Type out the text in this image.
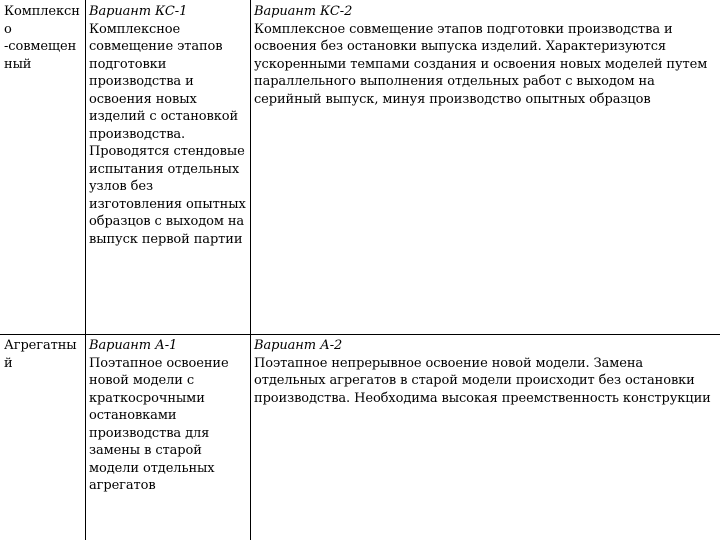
Комплексно -совмещенный
Вариант КС-1
Комплексное совмещение этапов подготовки производства и освоения новых изделий с остановкой производства. Проводятся стендовые испытания отдельных узлов без изготовления опытных образцов с выходом на выпуск первой партии
Вариант КС-2
Комплексное совмещение этапов подготовки производства и освоения без остановки выпуска изделий. Характеризуются ускоренными темпами создания и освоения новых моделей путем параллельного выполнения отдельных работ с выходом на серийный выпуск, минуя производство опытных образцов
Агрегатный
Вариант А-1
Поэтапное освоение новой модели с краткосрочными остановками производства для замены в старой модели отдельных агрегатов
Вариант А-2
Поэтапное непрерывное освоение новой модели. Замена отдельных агрегатов в старой модели происходит без остановки производства. Необходима высокая преемственность конструкции
